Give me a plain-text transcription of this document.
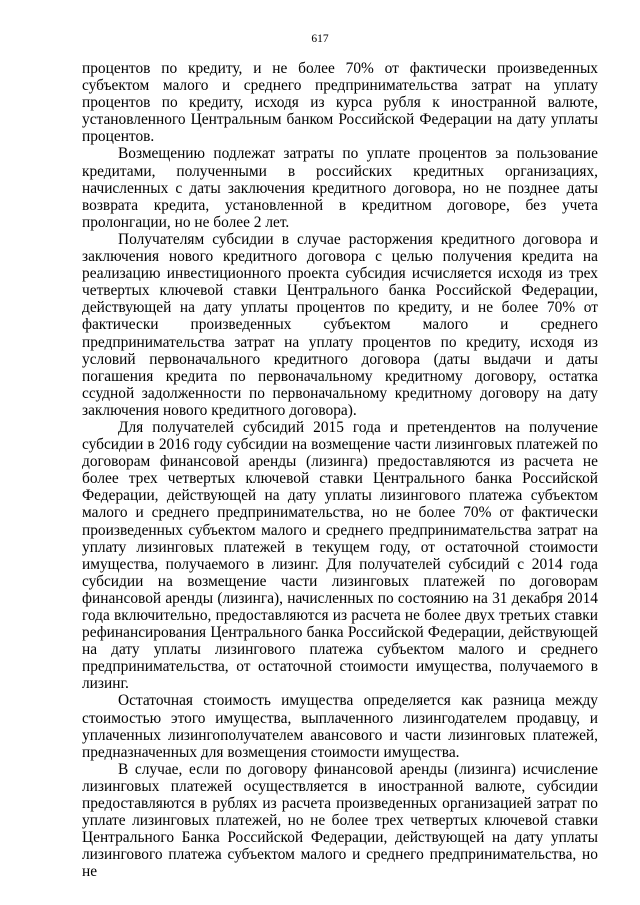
617

процентов по кредиту, и не более 70% от фактически произведенных субъектом малого и среднего предпринимательства затрат на уплату процентов по кредиту, исходя из курса рубля к иностранной валюте, установленного Центральным банком Российской Федерации на дату уплаты процентов.

Возмещению подлежат затраты по уплате процентов за пользование кредитами, полученными в российских кредитных организациях, начисленных с даты заключения кредитного договора, но не позднее даты возврата кредита, установленной в кредитном договоре, без учета пролонгации, но не более 2 лет.

Получателям субсидии в случае расторжения кредитного договора и заключения нового кредитного договора с целью получения кредита на реализацию инвестиционного проекта субсидия исчисляется исходя из трех четвертых ключевой ставки Центрального банка Российской Федерации, действующей на дату уплаты процентов по кредиту, и не более 70% от фактически произведенных субъектом малого и среднего предпринимательства затрат на уплату процентов по кредиту, исходя из условий первоначального кредитного договора (даты выдачи и даты погашения кредита по первоначальному кредитному договору, остатка ссудной задолженности по первоначальному кредитному договору на дату заключения нового кредитного договора).

Для получателей субсидий 2015 года и претендентов на получение субсидии в 2016 году субсидии на возмещение части лизинговых платежей по договорам финансовой аренды (лизинга) предоставляются из расчета не более трех четвертых ключевой ставки Центрального банка Российской Федерации, действующей на дату уплаты лизингового платежа субъектом малого и среднего предпринимательства, но не более 70% от фактически произведенных субъектом малого и среднего предпринимательства затрат на уплату лизинговых платежей в текущем году, от остаточной стоимости имущества, получаемого в лизинг. Для получателей субсидий с 2014 года субсидии на возмещение части лизинговых платежей по договорам финансовой аренды (лизинга), начисленных по состоянию на 31 декабря 2014 года включительно, предоставляются из расчета не более двух третьих ставки рефинансирования Центрального банка Российской Федерации, действующей на дату уплаты лизингового платежа субъектом малого и среднего предпринимательства, от остаточной стоимости имущества, получаемого в лизинг.

Остаточная стоимость имущества определяется как разница между стоимостью этого имущества, выплаченного лизингодателем продавцу, и уплаченных лизингополучателем авансового и части лизинговых платежей, предназначенных для возмещения стоимости имущества.

В случае, если по договору финансовой аренды (лизинга) исчисление лизинговых платежей осуществляется в иностранной валюте, субсидии предоставляются в рублях из расчета произведенных организацией затрат по уплате лизинговых платежей, но не более трех четвертых ключевой ставки Центрального Банка Российской Федерации, действующей на дату уплаты лизингового платежа субъектом малого и среднего предпринимательства, но не
